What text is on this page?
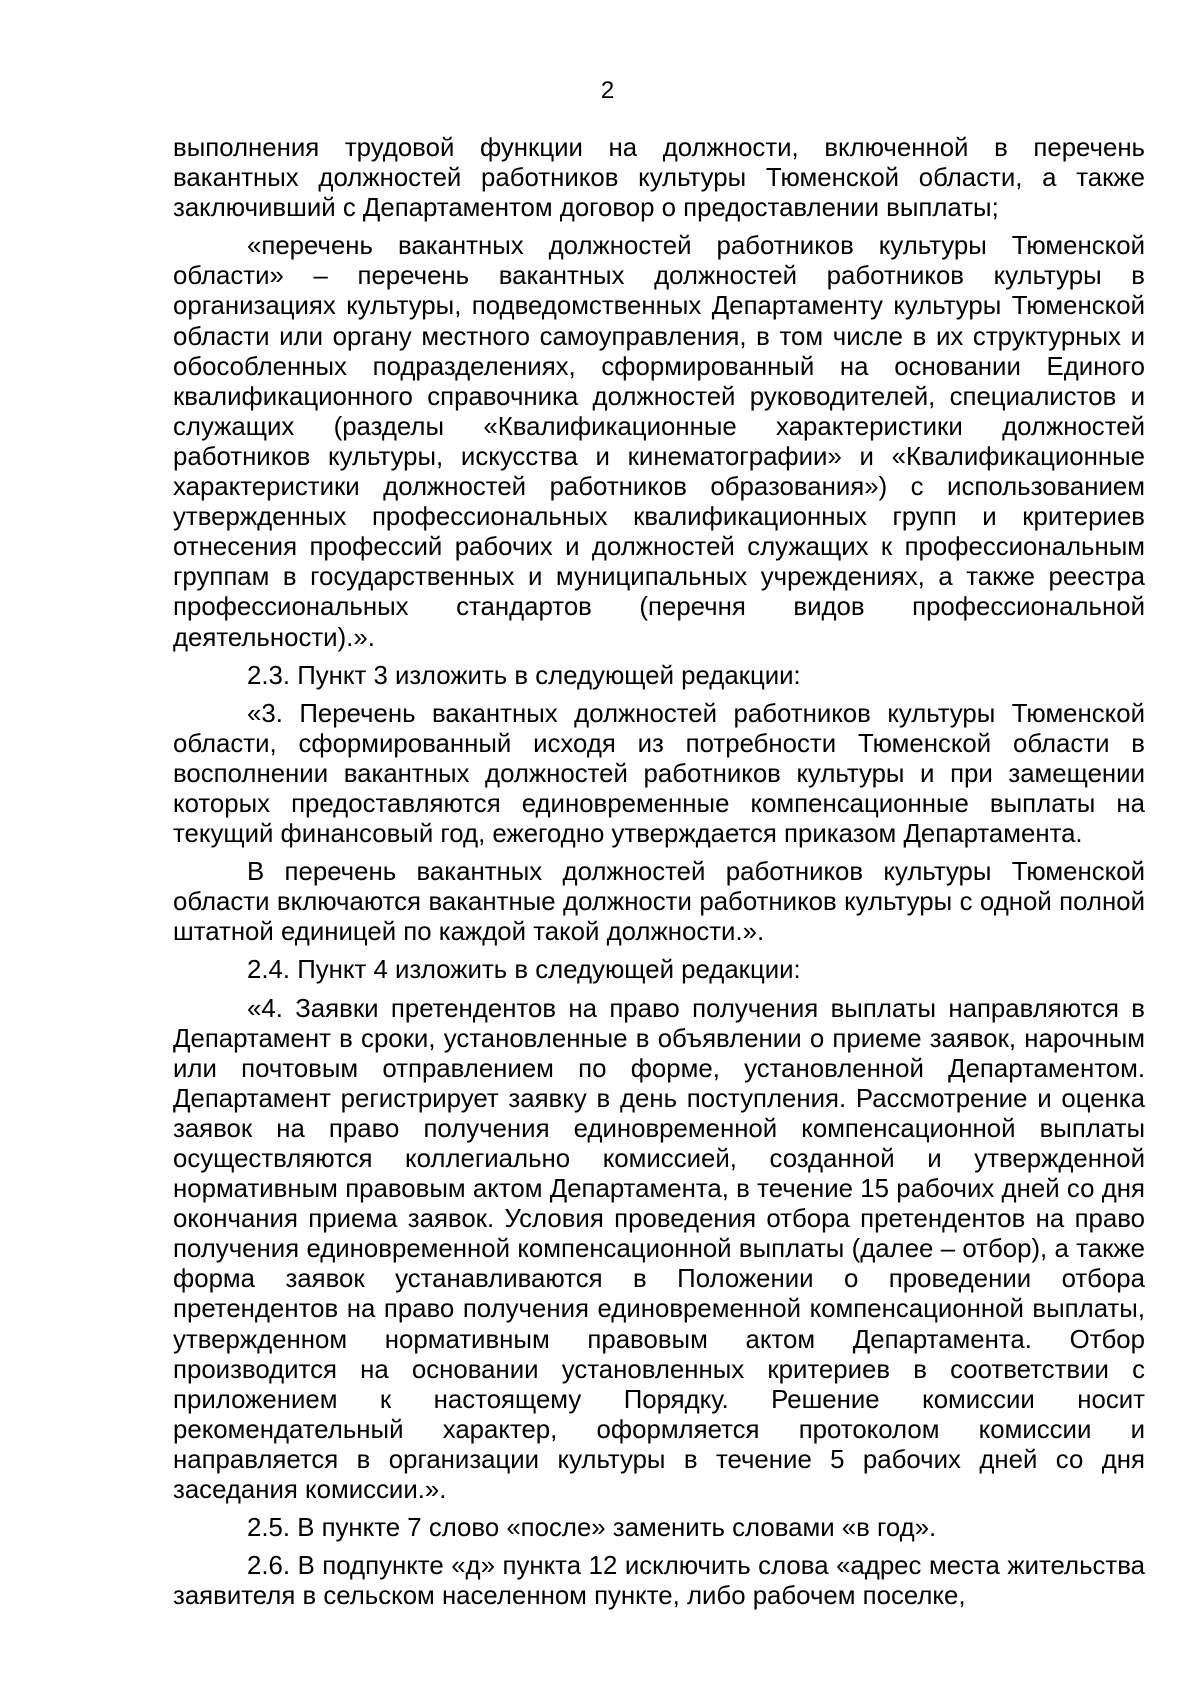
2

выполнения трудовой функции на должности, включенной в перечень вакантных должностей работников культуры Тюменской области, а также заключивший с Департаментом договор о предоставлении выплаты;

«перечень вакантных должностей работников культуры Тюменской области» – перечень вакантных должностей работников культуры в организациях культуры, подведомственных Департаменту культуры Тюменской области или органу местного самоуправления, в том числе в их структурных и обособленных подразделениях, сформированный на основании Единого квалификационного справочника должностей руководителей, специалистов и служащих (разделы «Квалификационные характеристики должностей работников культуры, искусства и кинематографии» и «Квалификационные характеристики должностей работников образования») с использованием утвержденных профессиональных квалификационных групп и критериев отнесения профессий рабочих и должностей служащих к профессиональным группам в государственных и муниципальных учреждениях, а также реестра профессиональных стандартов (перечня видов профессиональной деятельности).».

2.3. Пункт 3 изложить в следующей редакции:

«3. Перечень вакантных должностей работников культуры Тюменской области, сформированный исходя из потребности Тюменской области в восполнении вакантных должностей работников культуры и при замещении которых предоставляются единовременные компенсационные выплаты на текущий финансовый год, ежегодно утверждается приказом Департамента.

В перечень вакантных должностей работников культуры Тюменской области включаются вакантные должности работников культуры с одной полной штатной единицей по каждой такой должности.».

2.4. Пункт 4 изложить в следующей редакции:

«4. Заявки претендентов на право получения выплаты направляются в Департамент в сроки, установленные в объявлении о приеме заявок, нарочным или почтовым отправлением по форме, установленной Департаментом. Департамент регистрирует заявку в день поступления. Рассмотрение и оценка заявок на право получения единовременной компенсационной выплаты осуществляются коллегиально комиссией, созданной и утвержденной нормативным правовым актом Департамента, в течение 15 рабочих дней со дня окончания приема заявок. Условия проведения отбора претендентов на право получения единовременной компенсационной выплаты (далее – отбор), а также форма заявок устанавливаются в Положении о проведении отбора претендентов на право получения единовременной компенсационной выплаты, утвержденном нормативным правовым актом Департамента. Отбор производится на основании установленных критериев в соответствии с приложением к настоящему Порядку. Решение комиссии носит рекомендательный характер, оформляется протоколом комиссии и направляется в организации культуры в течение 5 рабочих дней со дня заседания комиссии.».

2.5. В пункте 7 слово «после» заменить словами «в год».

2.6. В подпункте «д» пункта 12 исключить слова «адрес места жительства заявителя в сельском населенном пункте, либо рабочем поселке,
